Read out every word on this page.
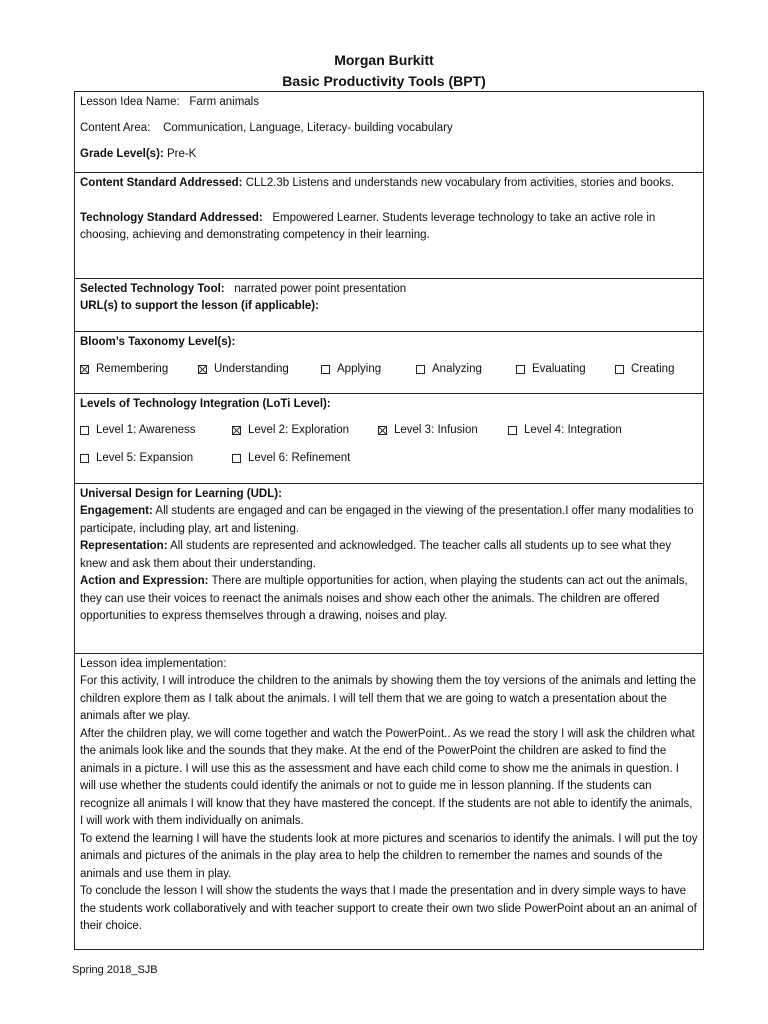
Morgan Burkitt
Basic Productivity Tools (BPT)
Lesson Idea Name: Farm animals
Content Area: Communication, Language, Literacy- building vocabulary
Grade Level(s): Pre-K
Content Standard Addressed: CLL2.3b Listens and understands new vocabulary from activities, stories and books.
Technology Standard Addressed: Empowered Learner. Students leverage technology to take an active role in choosing, achieving and demonstrating competency in their learning.
Selected Technology Tool: narrated power point presentation
URL(s) to support the lesson (if applicable):
Bloom’s Taxonomy Level(s):
Remembering	Understanding	Applying	Analyzing	Evaluating	Creating
Levels of Technology Integration (LoTi Level):
Level 1: Awareness	Level 2: Exploration	Level 3: Infusion	Level 4: Integration
Level 5: Expansion	Level 6: Refinement
Universal Design for Learning (UDL):
Engagement: All students are engaged and can be engaged in the viewing of the presentation.I offer many modalities to participate, including play, art and listening.
Representation: All students are represented and acknowledged. The teacher calls all students up to see what they knew and ask them about their understanding.
Action and Expression: There are multiple opportunities for action, when playing the students can act out the animals, they can use their voices to reenact the animals noises and show each other the animals. The children are offered opportunities to express themselves through a drawing, noises and play.
Lesson idea implementation:
For this activity, I will introduce the children to the animals by showing them the toy versions of the animals and letting the children explore them as I talk about the animals. I will tell them that we are going to watch a presentation about the animals after we play.
After the children play, we will come together and watch the PowerPoint.. As we read the story I will ask the children what the animals look like and the sounds that they make. At the end of the PowerPoint the children are asked to find the animals in a picture. I will use this as the assessment and have each child come to show me the animals in question. I will use whether the students could identify the animals or not to guide me in lesson planning. If the students can recognize all animals I will know that they have mastered the concept. If the students are not able to identify the animals, I will work with them individually on animals.
To extend the learning I will have the students look at more pictures and scenarios to identify the animals. I will put the toy animals and pictures of the animals in the play area to help the children to remember the names and sounds of the animals and use them in play.
To conclude the lesson I will show the students the ways that I made the presentation and in dvery simple ways to have the students work collaboratively and with teacher support to create their own two slide PowerPoint about an an animal of their choice.
Spring 2018_SJB
